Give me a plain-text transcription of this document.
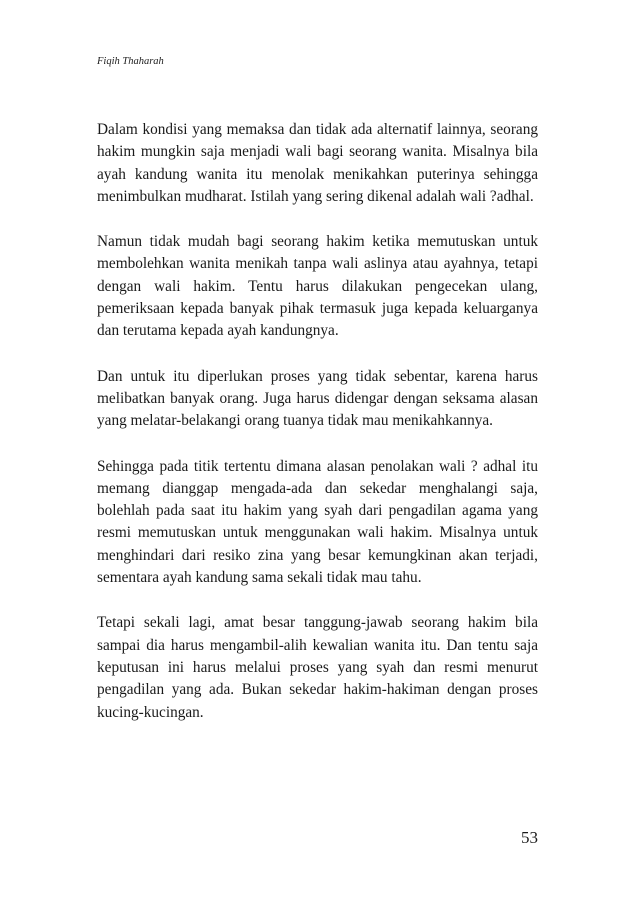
Fiqih Thaharah

Dalam kondisi yang memaksa dan tidak ada alternatif lainnya, seorang hakim mungkin saja menjadi wali bagi seorang wanita. Misalnya bila ayah kandung wanita itu menolak menikahkan puterinya sehingga menimbulkan mudharat. Istilah yang sering dikenal adalah wali ?adhal.

Namun tidak mudah bagi seorang hakim ketika memutuskan untuk membolehkan wanita menikah tanpa wali aslinya atau ayahnya, tetapi dengan wali hakim. Tentu harus dilakukan pengecekan ulang, pemeriksaan kepada banyak pihak termasuk juga kepada keluarganya dan terutama kepada ayah kandungnya.

Dan untuk itu diperlukan proses yang tidak sebentar, karena harus melibatkan banyak orang. Juga harus didengar dengan seksama alasan yang melatar-belakangi orang tuanya tidak mau menikahkannya.

Sehingga pada titik tertentu dimana alasan penolakan wali ? adhal itu memang dianggap mengada-ada dan sekedar menghalangi saja, bolehlah pada saat itu hakim yang syah dari pengadilan agama yang resmi memutuskan untuk menggunakan wali hakim. Misalnya untuk menghindari dari resiko zina yang besar kemungkinan akan terjadi, sementara ayah kandung sama sekali tidak mau tahu.

Tetapi sekali lagi, amat besar tanggung-jawab seorang hakim bila sampai dia harus mengambil-alih kewalian wanita itu. Dan tentu saja keputusan ini harus melalui proses yang syah dan resmi menurut pengadilan yang ada. Bukan sekedar hakim-hakiman dengan proses kucing-kucingan.

53
